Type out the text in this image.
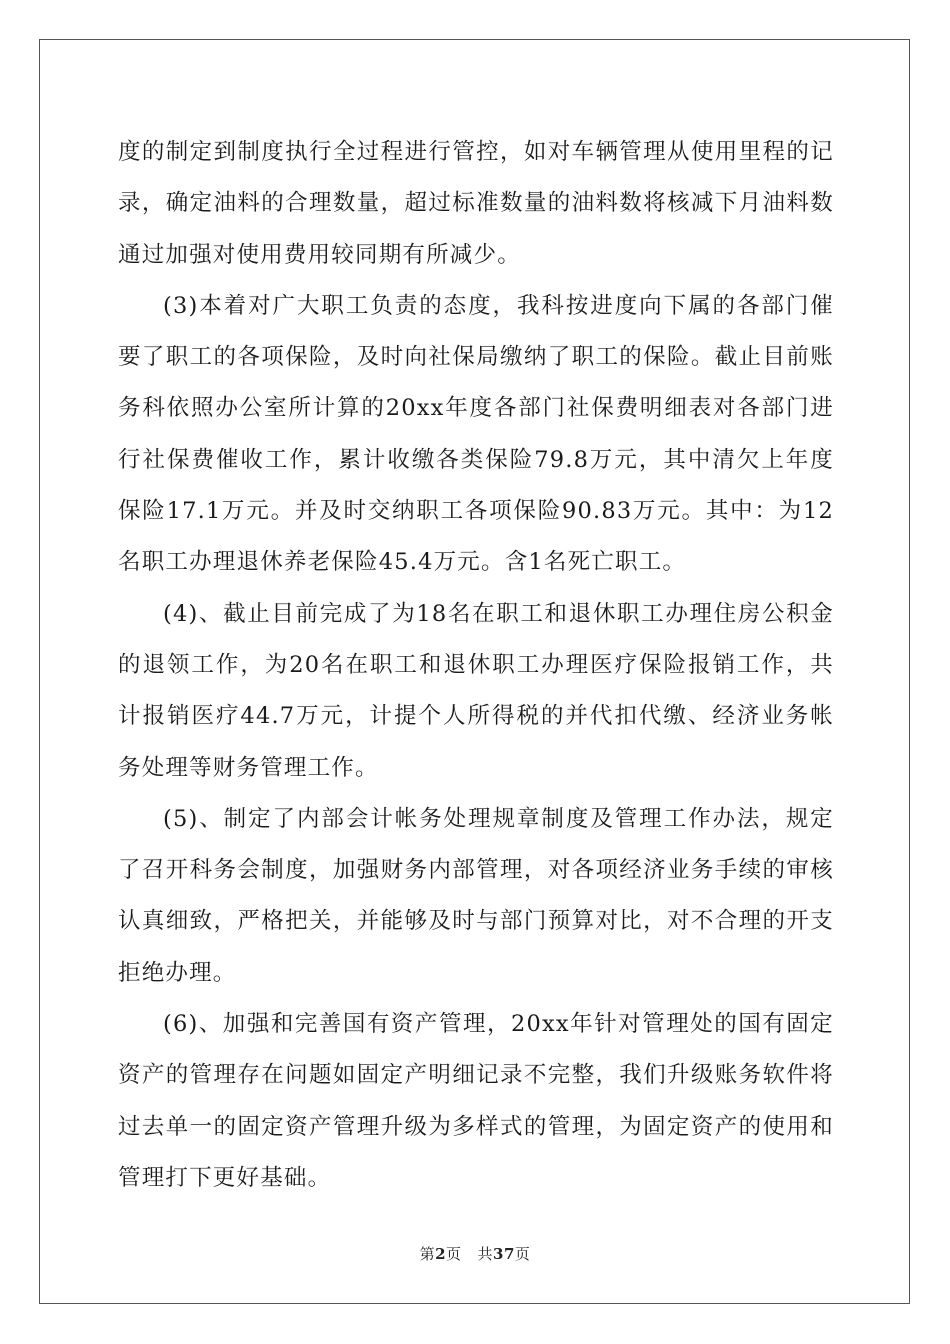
度的制定到制度执行全过程进行管控，如对车辆管理从使用里程的记录，确定油料的合理数量，超过标准数量的油料数将核减下月油料数通过加强对使用费用较同期有所减少。

(3)本着对广大职工负责的态度，我科按进度向下属的各部门催要了职工的各项保险，及时向社保局缴纳了职工的保险。截止目前账务科依照办公室所计算的20xx年度各部门社保费明细表对各部门进行社保费催收工作，累计收缴各类保险79.8万元，其中清欠上年度保险17.1万元。并及时交纳职工各项保险90.83万元。其中：为12名职工办理退休养老保险45.4万元。含1名死亡职工。

(4)、截止目前完成了为18名在职工和退休职工办理住房公积金的退领工作，为20名在职工和退休职工办理医疗保险报销工作，共计报销医疗44.7万元，计提个人所得税的并代扣代缴、经济业务帐务处理等财务管理工作。

(5)、制定了内部会计帐务处理规章制度及管理工作办法，规定了召开科务会制度，加强财务内部管理，对各项经济业务手续的审核认真细致，严格把关，并能够及时与部门预算对比，对不合理的开支拒绝办理。

(6)、加强和完善国有资产管理，20xx年针对管理处的国有固定资产的管理存在问题如固定产明细记录不完整，我们升级账务软件将过去单一的固定资产管理升级为多样式的管理，为固定资产的使用和管理打下更好基础。

第2页 共37页
